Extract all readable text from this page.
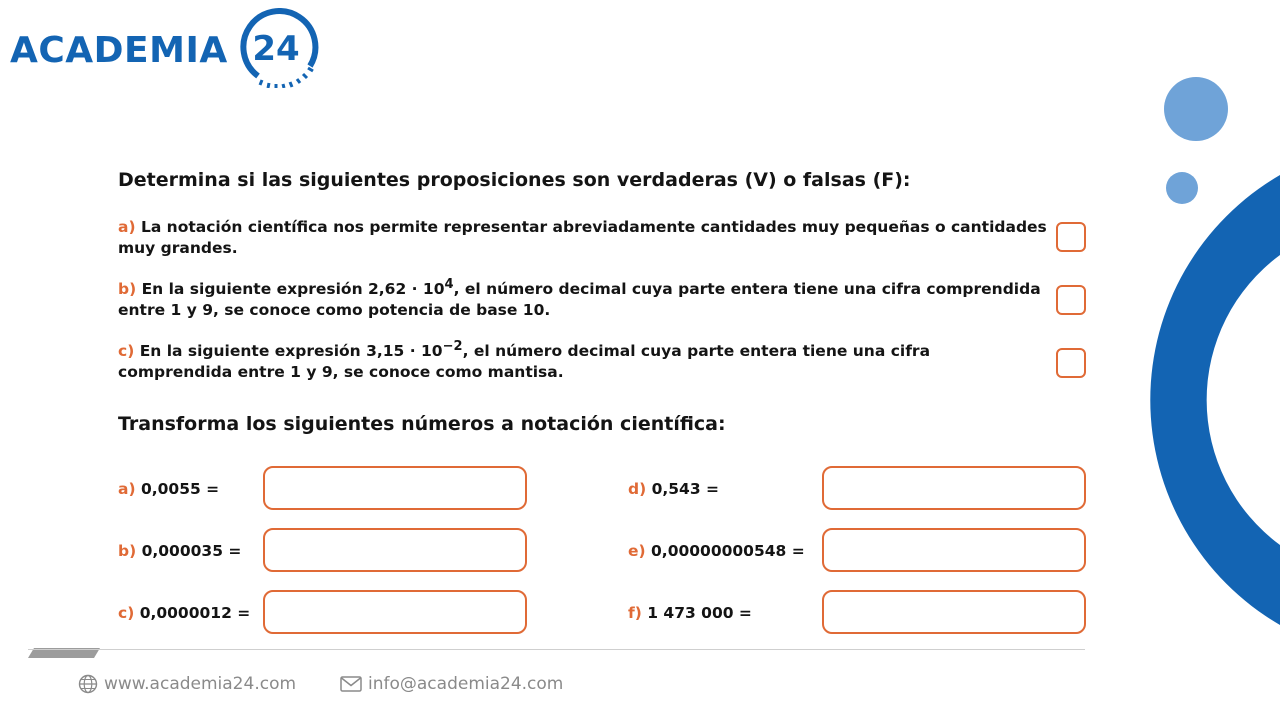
ACADEMIA 24
Determina si las siguientes proposiciones son verdaderas (V) o falsas (F):
a) La notación científica nos permite representar abreviadamente cantidades muy pequeñas o cantidades muy grandes.
b) En la siguiente expresión $2,62 \cdot 10^4$, el número decimal cuya parte entera tiene una cifra comprendida entre 1 y 9, se conoce como potencia de base 10.
c) En la siguiente expresión $3,15 \cdot 10^{-2}$, el número decimal cuya parte entera tiene una cifra comprendida entre 1 y 9, se conoce como mantisa.
Transforma los siguientes números a notación científica:
a) 0,0055 =
b) 0,000035 =
c) 0,0000012 =
d) 0,543 =
e) 0,00000000548 =
f) 1 473 000 =
www.academia24.com	info@academia24.com
